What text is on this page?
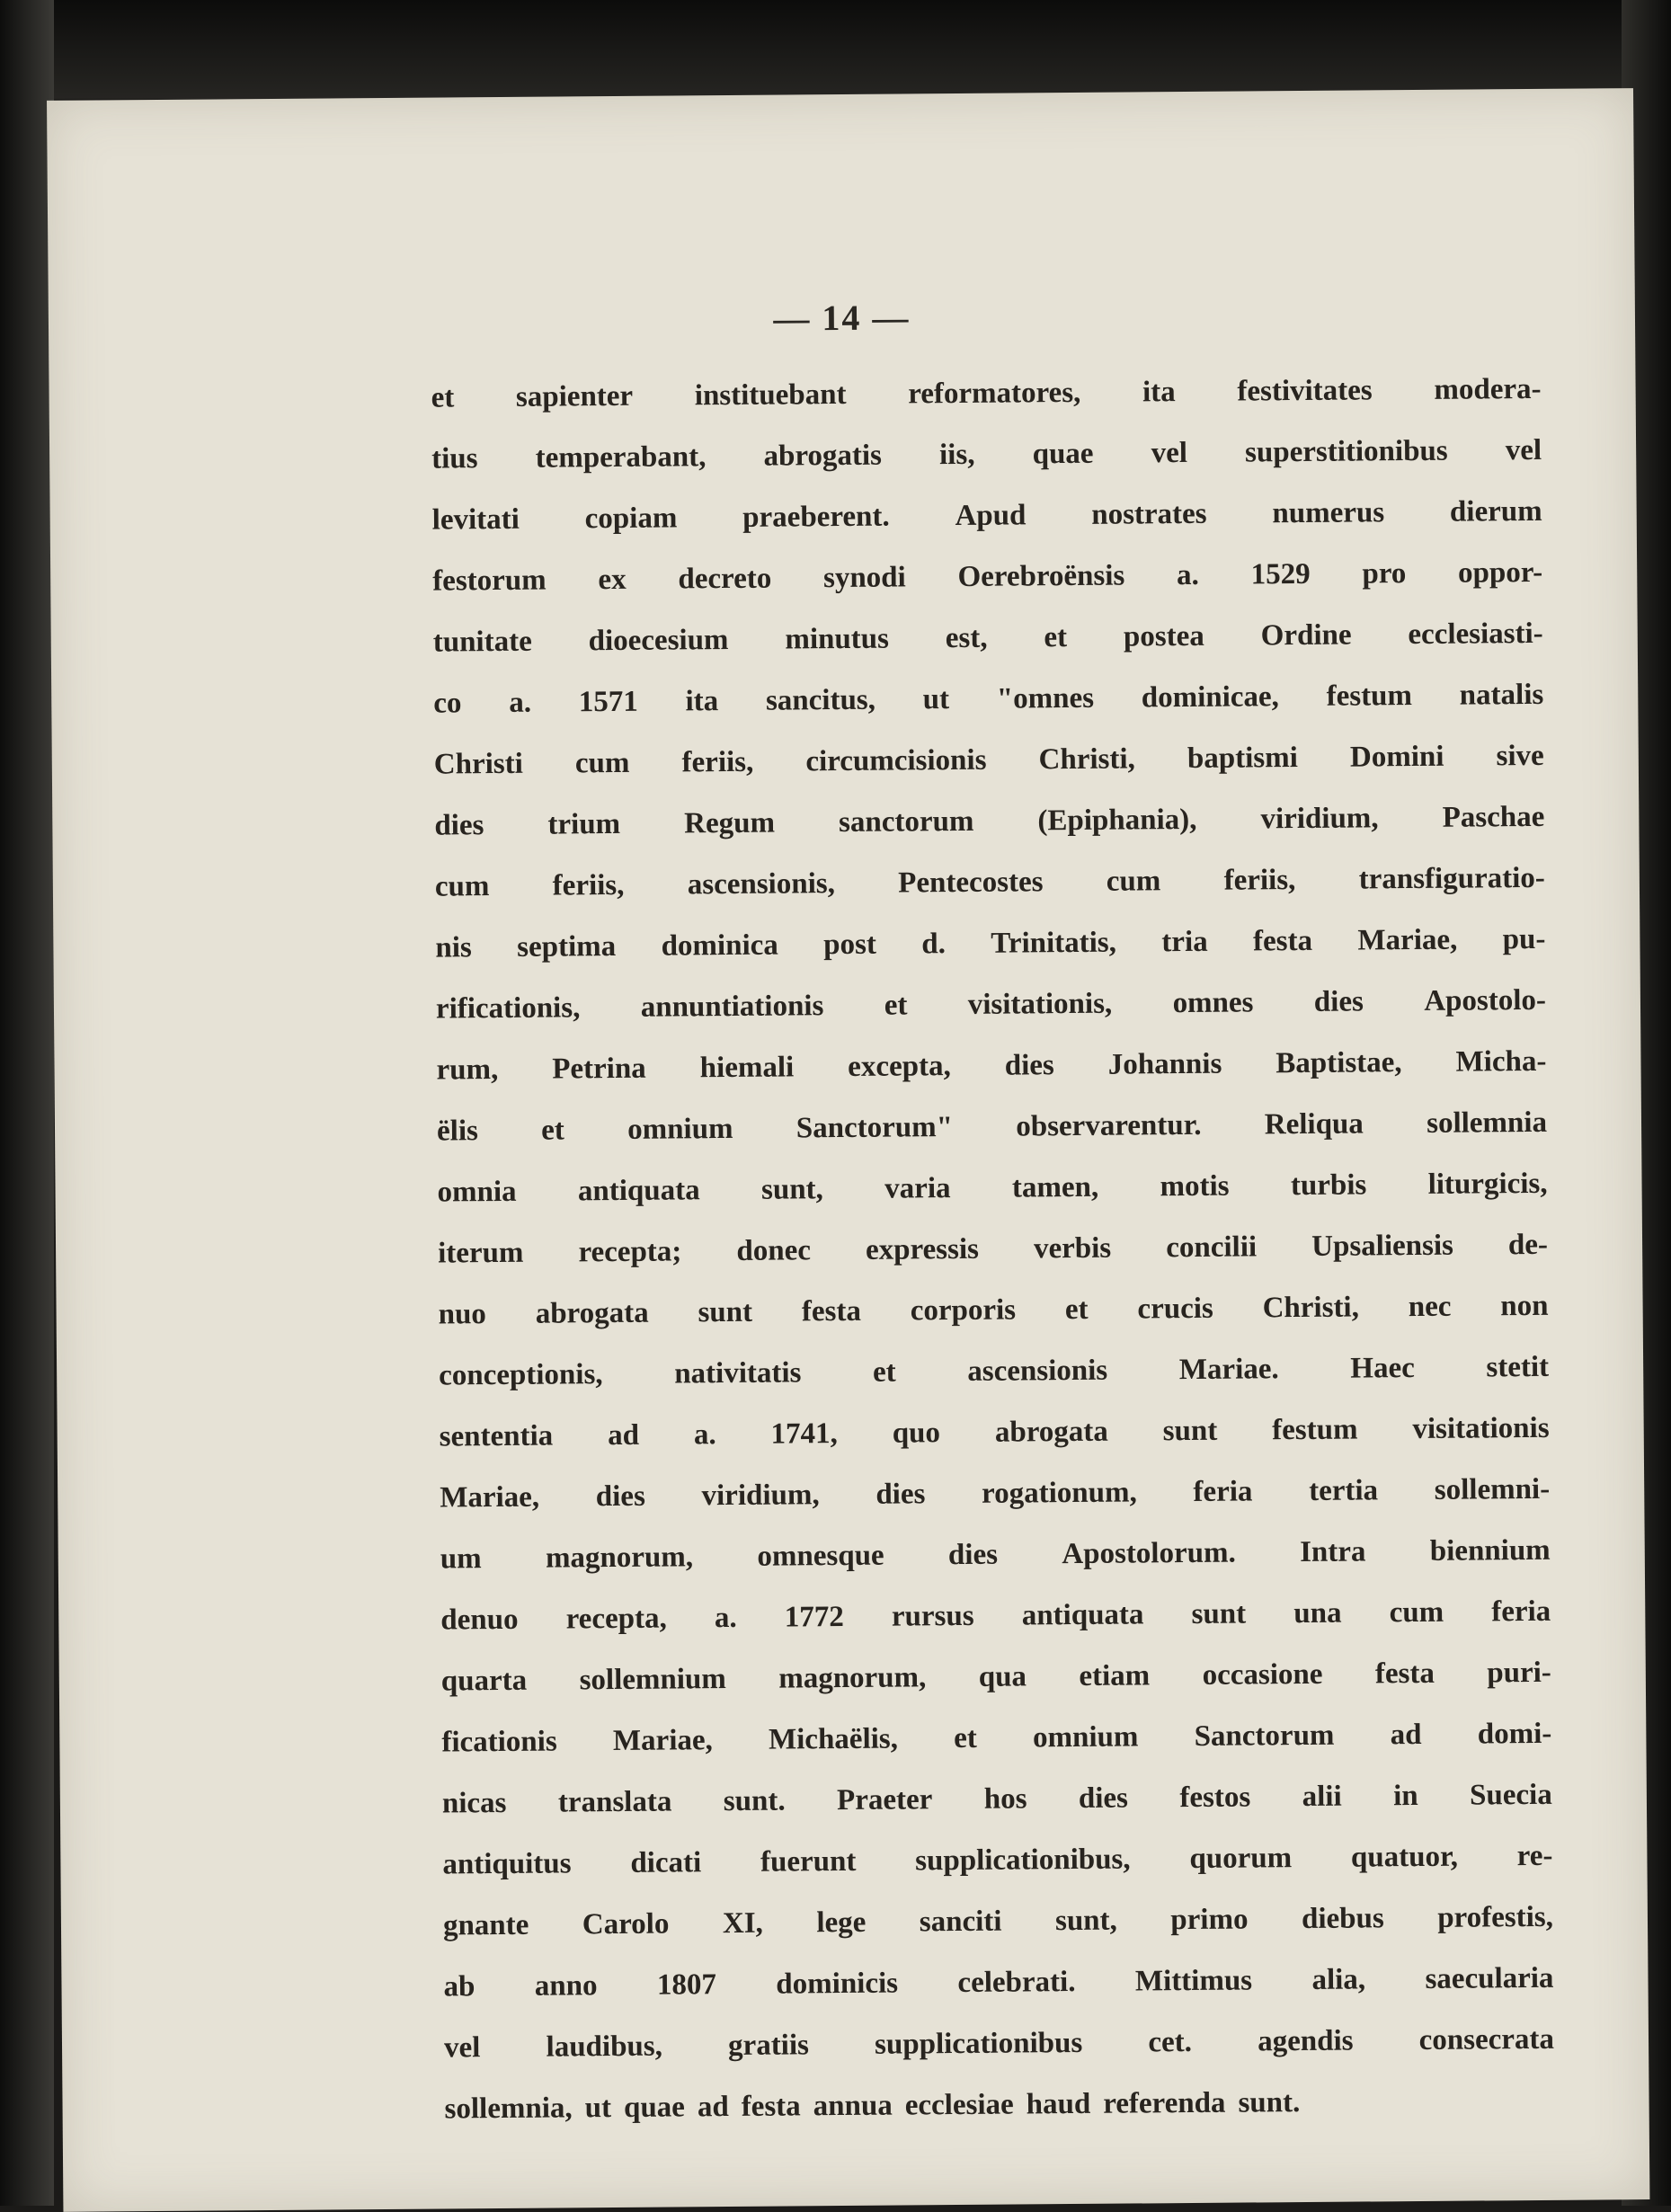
— 14 —
et sapienter instituebant reformatores, ita festivitates modera-
tius temperabant, abrogatis iis, quae vel superstitionibus vel
levitati copiam praeberent. Apud nostrates numerus dierum
festorum ex decreto synodi Oerebroënsis a. 1529 pro oppor-
tunitate dioecesium minutus est, et postea Ordine ecclesiasti-
co a. 1571 ita sancitus, ut "omnes dominicae, festum natalis
Christi cum feriis, circumcisionis Christi, baptismi Domini sive
dies trium Regum sanctorum (Epiphania), viridium, Paschae
cum feriis, ascensionis, Pentecostes cum feriis, transfiguratio-
nis septima dominica post d. Trinitatis, tria festa Mariae, pu-
rificationis, annuntiationis et visitationis, omnes dies Apostolo-
rum, Petrina hiemali excepta, dies Johannis Baptistae, Micha-
ëlis et omnium Sanctorum" observarentur. Reliqua sollemnia
omnia antiquata sunt, varia tamen, motis turbis liturgicis,
iterum recepta; donec expressis verbis concilii Upsaliensis de-
nuo abrogata sunt festa corporis et crucis Christi, nec non
conceptionis, nativitatis et ascensionis Mariae. Haec stetit
sententia ad a. 1741, quo abrogata sunt festum visitationis
Mariae, dies viridium, dies rogationum, feria tertia sollemni-
um magnorum, omnesque dies Apostolorum. Intra biennium
denuo recepta, a. 1772 rursus antiquata sunt una cum feria
quarta sollemnium magnorum, qua etiam occasione festa puri-
ficationis Mariae, Michaëlis, et omnium Sanctorum ad domi-
nicas translata sunt. Praeter hos dies festos alii in Suecia
antiquitus dicati fuerunt supplicationibus, quorum quatuor, re-
gnante Carolo XI, lege sanciti sunt, primo diebus profestis,
ab anno 1807 dominicis celebrati. Mittimus alia, saecularia
vel laudibus, gratiis supplicationibus cet. agendis consecrata
sollemnia, ut quae ad festa annua ecclesiae haud referenda sunt.
